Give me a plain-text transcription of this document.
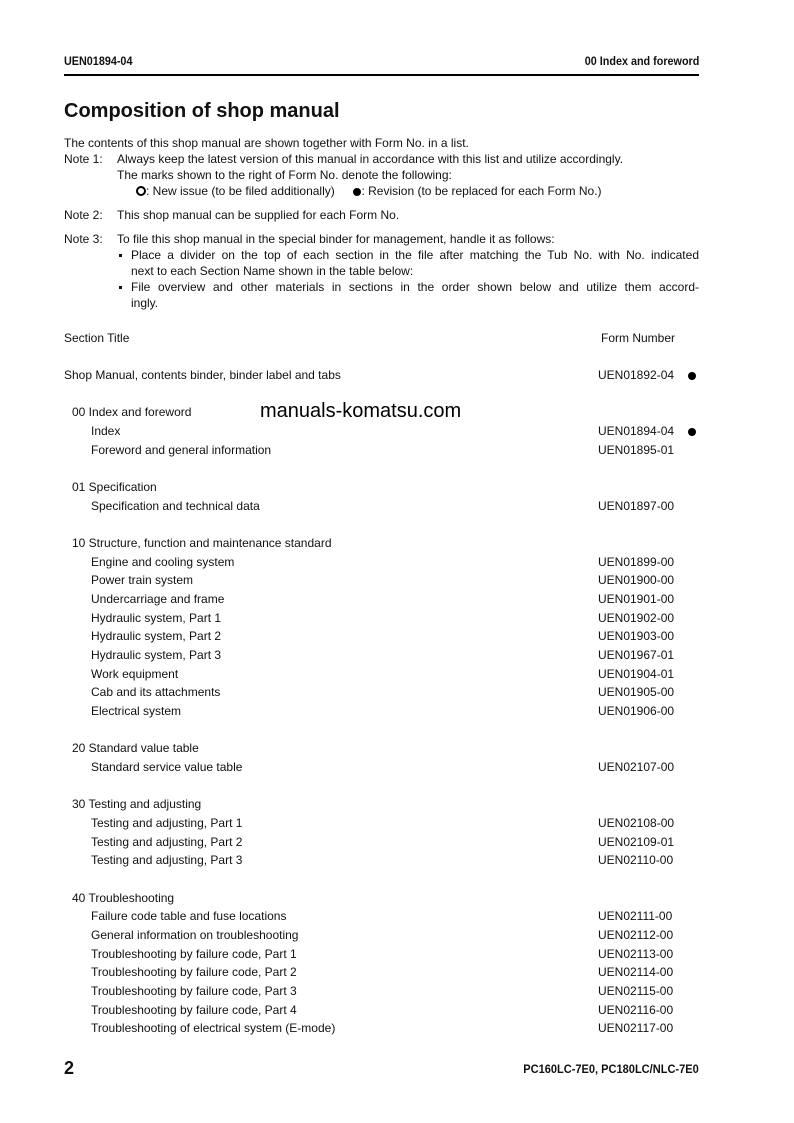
UEN01894-04	00 Index and foreword
Composition of shop manual
The contents of this shop manual are shown together with Form No. in a list.
Note 1: Always keep the latest version of this manual in accordance with this list and utilize accordingly.
The marks shown to the right of Form No. denote the following:
: New issue (to be filed additionally) : Revision (to be replaced for each Form No.)
Note 2: This shop manual can be supplied for each Form No.
Note 3: To file this shop manual in the special binder for management, handle it as follows:
Place a divider on the top of each section in the file after matching the Tub No. with No. indicated
next to each Section Name shown in the table below:
File overview and other materials in sections in the order shown below and utilize them accord-
ingly.
Section Title	Form Number
manuals-komatsu.com
Shop Manual, contents binder, binder label and tabs	UEN01892-04
00 Index and foreword
Index	UEN01894-04
Foreword and general information	UEN01895-01
01 Specification
Specification and technical data	UEN01897-00
10 Structure, function and maintenance standard
Engine and cooling system	UEN01899-00
Power train system	UEN01900-00
Undercarriage and frame	UEN01901-00
Hydraulic system, Part 1	UEN01902-00
Hydraulic system, Part 2	UEN01903-00
Hydraulic system, Part 3	UEN01967-01
Work equipment	UEN01904-01
Cab and its attachments	UEN01905-00
Electrical system	UEN01906-00
20 Standard value table
Standard service value table	UEN02107-00
30 Testing and adjusting
Testing and adjusting, Part 1	UEN02108-00
Testing and adjusting, Part 2	UEN02109-01
Testing and adjusting, Part 3	UEN02110-00
40 Troubleshooting
Failure code table and fuse locations	UEN02111-00
General information on troubleshooting	UEN02112-00
Troubleshooting by failure code, Part 1	UEN02113-00
Troubleshooting by failure code, Part 2	UEN02114-00
Troubleshooting by failure code, Part 3	UEN02115-00
Troubleshooting by failure code, Part 4	UEN02116-00
Troubleshooting of electrical system (E-mode)	UEN02117-00
2	PC160LC-7E0, PC180LC/NLC-7E0
